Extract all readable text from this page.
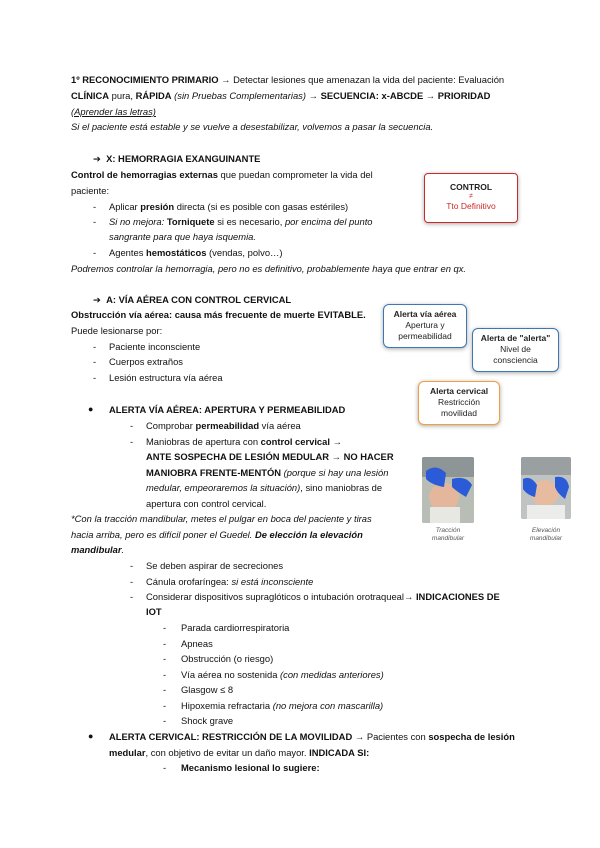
1º RECONOCIMIENTO PRIMARIO → Detectar lesiones que amenazan la vida del paciente: Evaluación
CLÍNICA pura, RÁPIDA (sin Pruebas Complementarias) → SECUENCIA: x-ABCDE → PRIORIDAD
(Aprender las letras)
Si el paciente está estable y se vuelve a desestabilizar, volvemos a pasar la secuencia.
➔ X: HEMORRAGIA EXANGUINANTE
Control de hemorragias externas que puedan comprometer la vida del
paciente:
- Aplicar presión directa (si es posible con gasas estériles)
- Si no mejora: Torniquete si es necesario, por encima del punto
sangrante para que haya isquemia.
- Agentes hemostáticos (vendas, polvo…)
Podremos controlar la hemorragia, pero no es definitivo, probablemente haya que entrar en qx.
CONTROL
≠
Tto Definitivo
➔ A: VÍA AÉREA CON CONTROL CERVICAL
Obstrucción vía aérea: causa más frecuente de muerte EVITABLE.
Puede lesionarse por:
- Paciente inconsciente
- Cuerpos extraños
- Lesión estructura vía aérea
Alerta vía aérea
Apertura y
permeabilidad	Alerta de "alerta"
Nivel de
consciencia
Alerta cervical
Restricción
movilidad
● ALERTA VÍA AÉREA: APERTURA Y PERMEABILIDAD
- Comprobar permeabilidad vía aérea
- Maniobras de apertura con control cervical →
ANTE SOSPECHA DE LESIÓN MEDULAR → NO HACER
MANIOBRA FRENTE-MENTÓN (porque si hay una lesión
medular, empeoraremos la situación), sino maniobras de
apertura con control cervical.
Tracción mandibular
Elevación mandibular
*Con la tracción mandibular, metes el pulgar en boca del paciente y tiras
hacia arriba, pero es difícil poner el Guedel. De elección la elevación
mandibular.
- Se deben aspirar de secreciones
- Cánula orofaríngea: si está inconsciente
- Considerar dispositivos supraglóticos o intubación orotraqueal→ INDICACIONES DE
IOT
- Parada cardiorrespiratoria
- Apneas
- Obstrucción (o riesgo)
- Vía aérea no sostenida (con medidas anteriores)
- Glasgow ≤ 8
- Hipoxemia refractaria (no mejora con mascarilla)
- Shock grave
● ALERTA CERVICAL: RESTRICCIÓN DE LA MOVILIDAD → Pacientes con sospecha de lesión
medular, con objetivo de evitar un daño mayor. INDICADA SI:
- Mecanismo lesional lo sugiere:
